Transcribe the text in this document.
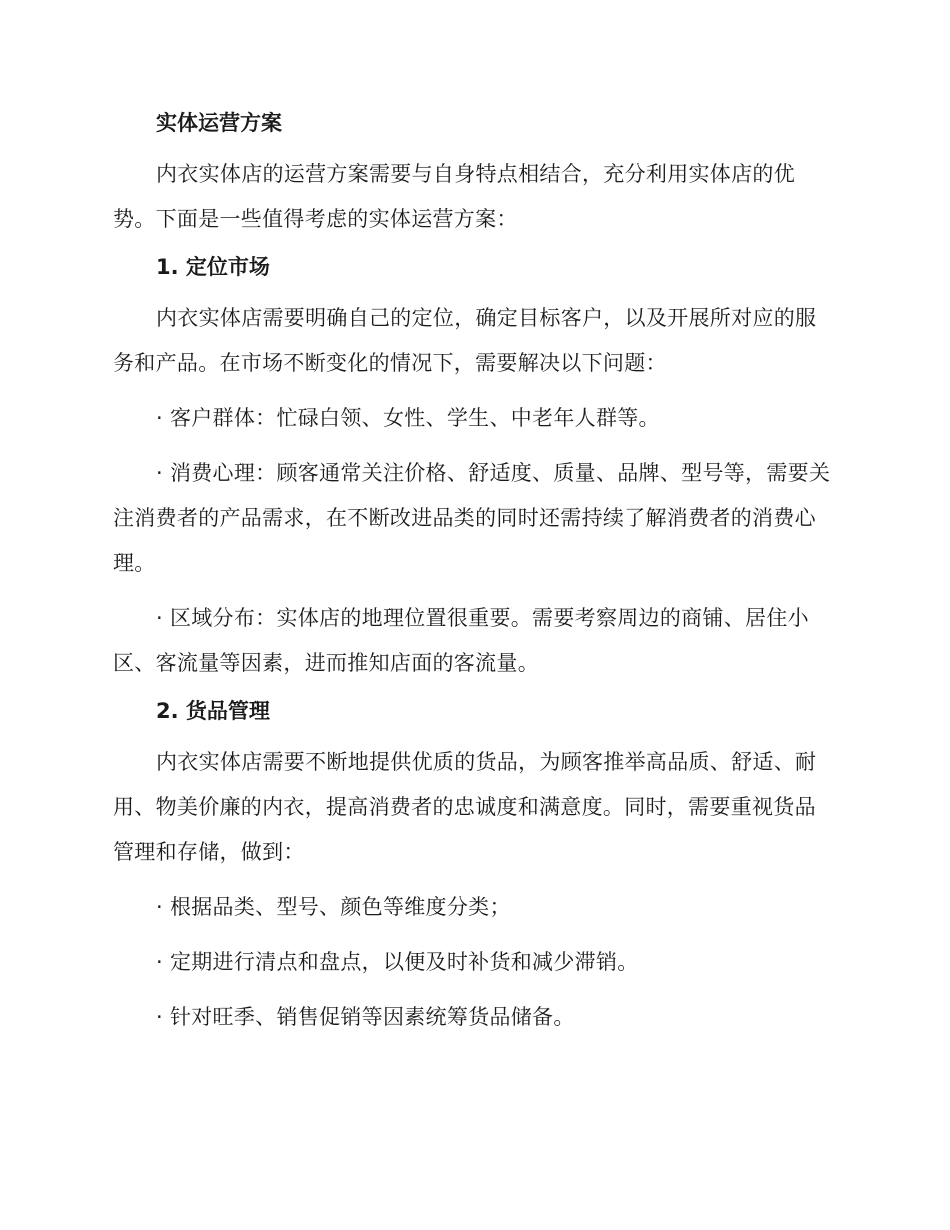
实体运营方案

内衣实体店的运营方案需要与自身特点相结合，充分利用实体店的优势。下面是一些值得考虑的实体运营方案：

1. 定位市场

内衣实体店需要明确自己的定位，确定目标客户，以及开展所对应的服务和产品。在市场不断变化的情况下，需要解决以下问题：

· 客户群体：忙碌白领、女性、学生、中老年人群等。

· 消费心理：顾客通常关注价格、舒适度、质量、品牌、型号等，需要关注消费者的产品需求，在不断改进品类的同时还需持续了解消费者的消费心理。

· 区域分布：实体店的地理位置很重要。需要考察周边的商铺、居住小区、客流量等因素，进而推知店面的客流量。

2. 货品管理

内衣实体店需要不断地提供优质的货品，为顾客推举高品质、舒适、耐用、物美价廉的内衣，提高消费者的忠诚度和满意度。同时，需要重视货品管理和存储，做到：

· 根据品类、型号、颜色等维度分类；

· 定期进行清点和盘点，以便及时补货和减少滞销。

· 针对旺季、销售促销等因素统筹货品储备。
